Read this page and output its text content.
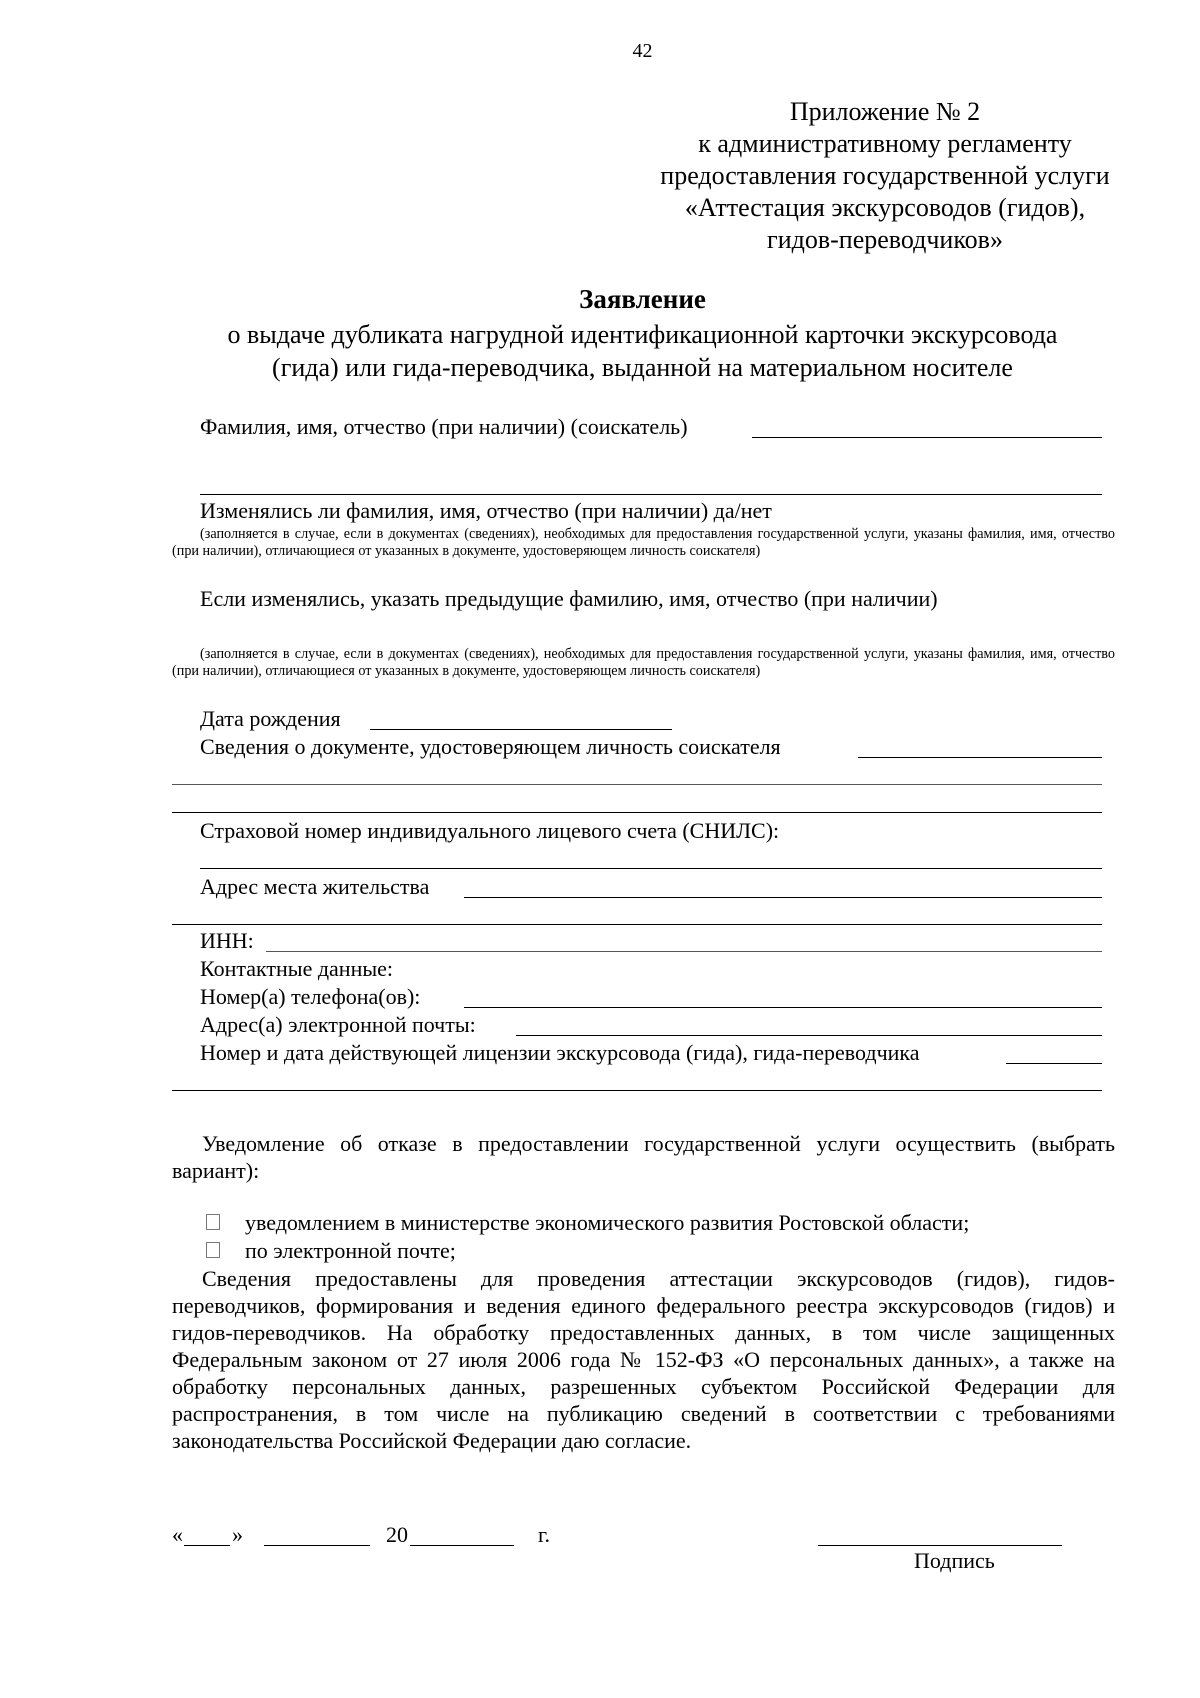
42
Приложение № 2
к административному регламенту
предоставления государственной услуги
«Аттестация экскурсоводов (гидов),
гидов-переводчиков»
Заявление
о выдаче дубликата нагрудной идентификационной карточки экскурсовода
(гида) или гида-переводчика, выданной на материальном носителе
Фамилия, имя, отчество (при наличии) (соискатель)
Изменялись ли фамилия, имя, отчество (при наличии) да/нет
(заполняется в случае, если в документах (сведениях), необходимых для предоставления государственной услуги, указаны фамилия, имя, отчество (при наличии), отличающиеся от указанных в документе, удостоверяющем личность соискателя)
Если изменялись, указать предыдущие фамилию, имя, отчество (при наличии)
(заполняется в случае, если в документах (сведениях), необходимых для предоставления государственной услуги, указаны фамилия, имя, отчество (при наличии), отличающиеся от указанных в документе, удостоверяющем личность соискателя)
Дата рождения
Сведения о документе, удостоверяющем личность соискателя
Страховой номер индивидуального лицевого счета (СНИЛС):
Адрес места жительства
ИНН:
Контактные данные:
Номер(а) телефона(ов):
Адрес(а) электронной почты:
Номер и дата действующей лицензии экскурсовода (гида), гида-переводчика
Уведомление об отказе в предоставлении государственной услуги осуществить (выбрать вариант):
уведомлением в министерстве экономического развития Ростовской области;
по электронной почте;
Сведения предоставлены для проведения аттестации экскурсоводов (гидов), гидов-переводчиков, формирования и ведения единого федерального реестра экскурсоводов (гидов) и гидов-переводчиков. На обработку предоставленных данных, в том числе защищенных Федеральным законом от 27 июля 2006 года № 152-ФЗ «О персональных данных», а также на обработку персональных данных, разрешенных субъектом Российской Федерации для распространения, в том числе на публикацию сведений в соответствии с требованиями законодательства Российской Федерации даю согласие.
« »	20	г.
Подпись
